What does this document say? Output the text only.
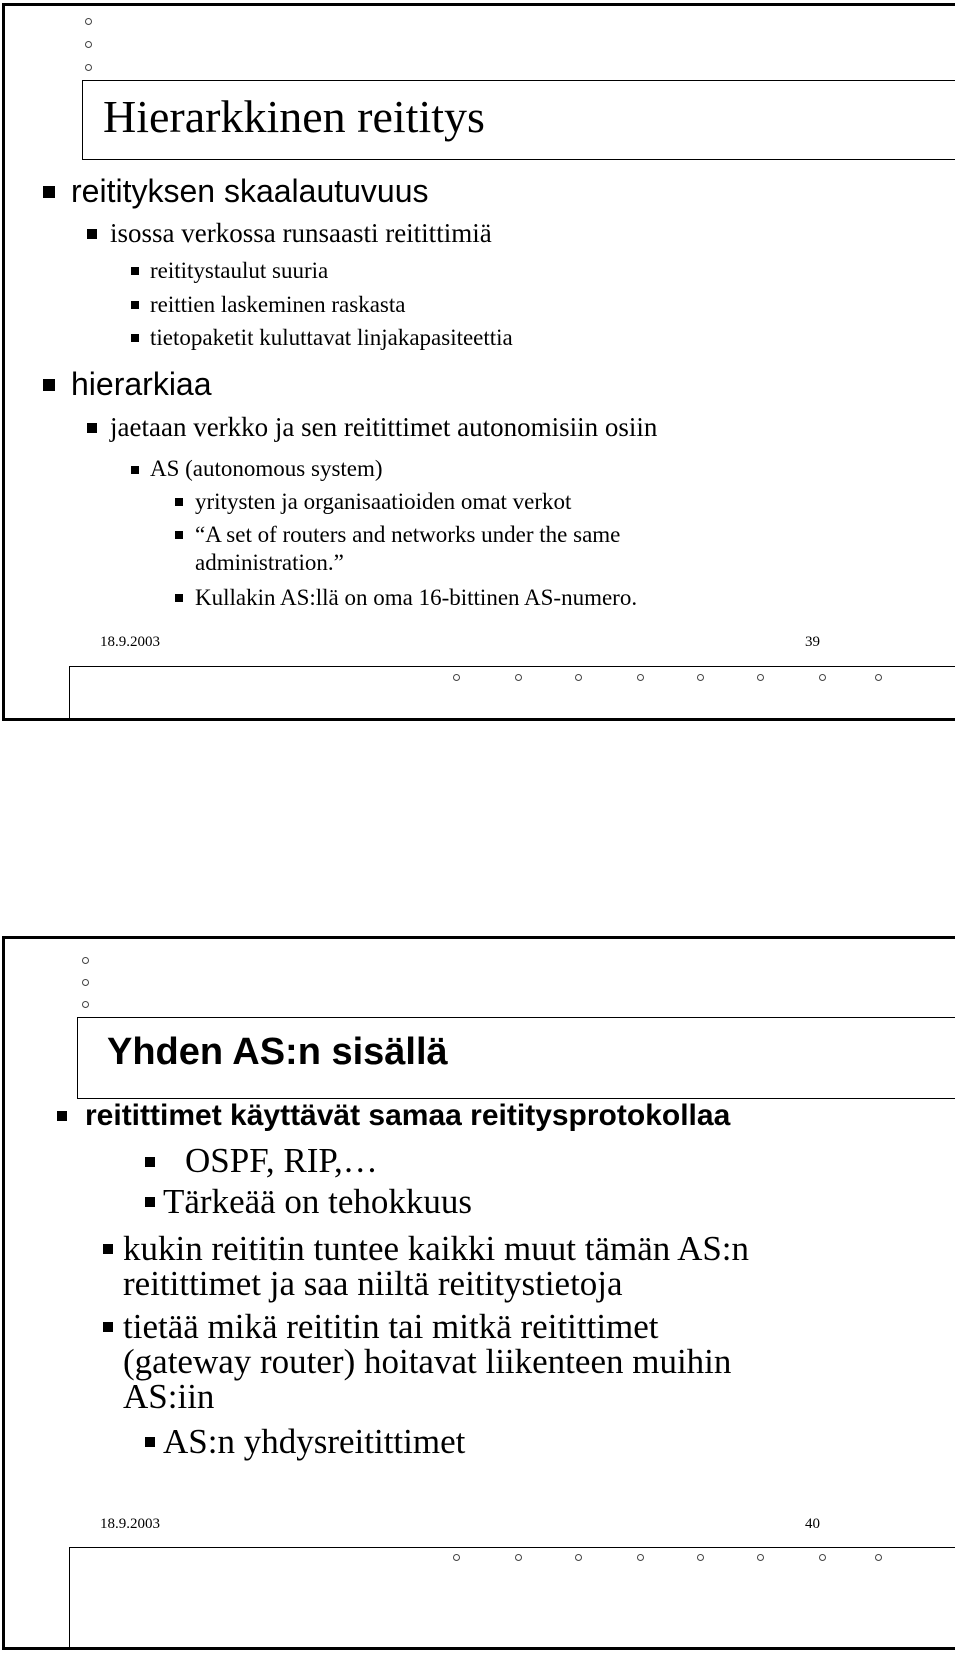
Hierarkkinen reititys
reitityksen skaalautuvuus
isossa verkossa runsaasti reitittimiä
reititystaulut suuria
reittien laskeminen raskasta
tietopaketit kuluttavat linjakapasiteettia
hierarkiaa
jaetaan verkko ja sen reitittimet autonomisiin osiin
AS (autonomous system)
yritysten ja organisaatioiden omat verkot
“A set of routers and networks under the same
administration.”
Kullakin AS:llä on oma 16-bittinen AS-numero.
18.9.2003	39
Yhden AS:n sisällä
reitittimet käyttävät samaa reititysprotokollaa
OSPF, RIP,…
Tärkeää on tehokkuus
kukin reititin tuntee kaikki muut tämän AS:n
reitittimet ja saa niiltä reititystietoja
tietää mikä reititin tai mitkä reitittimet
(gateway router) hoitavat liikenteen muihin
AS:iin
AS:n yhdysreitittimet
18.9.2003	40
